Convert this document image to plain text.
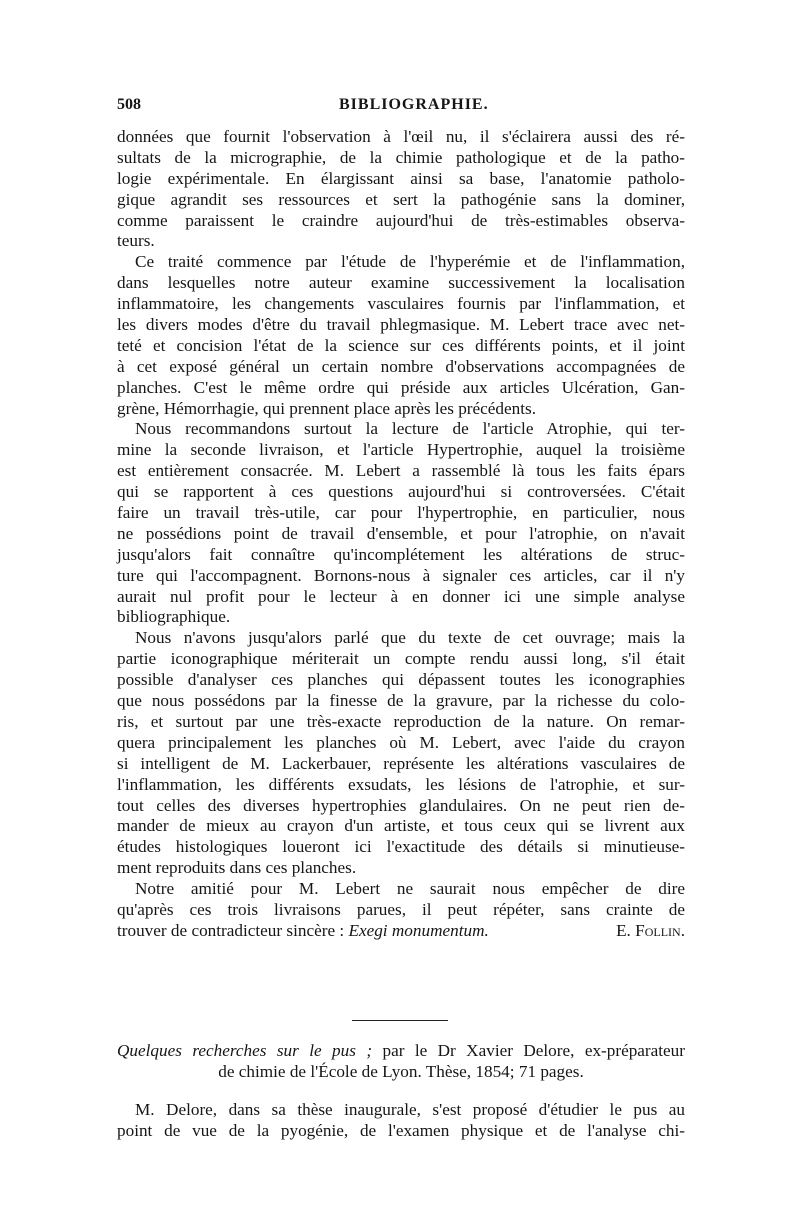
508	BIBLIOGRAPHIE.
données que fournit l'observation à l'œil nu, il s'éclairera aussi des ré-
sultats de la micrographie, de la chimie pathologique et de la patho-
logie expérimentale. En élargissant ainsi sa base, l'anatomie patholo-
gique agrandit ses ressources et sert la pathogénie sans la dominer,
comme paraissent le craindre aujourd'hui de très-estimables observa-
teurs.
Ce traité commence par l'étude de l'hyperémie et de l'inflammation,
dans lesquelles notre auteur examine successivement la localisation
inflammatoire, les changements vasculaires fournis par l'inflammation, et
les divers modes d'être du travail phlegmasique. M. Lebert trace avec net-
teté et concision l'état de la science sur ces différents points, et il joint
à cet exposé général un certain nombre d'observations accompagnées de
planches. C'est le même ordre qui préside aux articles Ulcération, Gan-
grène, Hémorrhagie, qui prennent place après les précédents.
Nous recommandons surtout la lecture de l'article Atrophie, qui ter-
mine la seconde livraison, et l'article Hypertrophie, auquel la troisième
est entièrement consacrée. M. Lebert a rassemblé là tous les faits épars
qui se rapportent à ces questions aujourd'hui si controversées. C'était
faire un travail très-utile, car pour l'hypertrophie, en particulier, nous
ne possédions point de travail d'ensemble, et pour l'atrophie, on n'avait
jusqu'alors fait connaître qu'incomplétement les altérations de struc-
ture qui l'accompagnent. Bornons-nous à signaler ces articles, car il n'y
aurait nul profit pour le lecteur à en donner ici une simple analyse
bibliographique.
Nous n'avons jusqu'alors parlé que du texte de cet ouvrage; mais la
partie iconographique mériterait un compte rendu aussi long, s'il était
possible d'analyser ces planches qui dépassent toutes les iconographies
que nous possédons par la finesse de la gravure, par la richesse du colo-
ris, et surtout par une très-exacte reproduction de la nature. On remar-
quera principalement les planches où M. Lebert, avec l'aide du crayon
si intelligent de M. Lackerbauer, représente les altérations vasculaires de
l'inflammation, les différents exsudats, les lésions de l'atrophie, et sur-
tout celles des diverses hypertrophies glandulaires. On ne peut rien de-
mander de mieux au crayon d'un artiste, et tous ceux qui se livrent aux
études histologiques loueront ici l'exactitude des détails si minutieuse-
ment reproduits dans ces planches.
Notre amitié pour M. Lebert ne saurait nous empêcher de dire
qu'après ces trois livraisons parues, il peut répéter, sans crainte de
trouver de contradicteur sincère : Exegi monumentum.	E. Follin.
Quelques recherches sur le pus ; par le Dr Xavier Delore, ex-préparateur
de chimie de l'École de Lyon. Thèse, 1854; 71 pages.
M. Delore, dans sa thèse inaugurale, s'est proposé d'étudier le pus au
point de vue de la pyogénie, de l'examen physique et de l'analyse chi-
